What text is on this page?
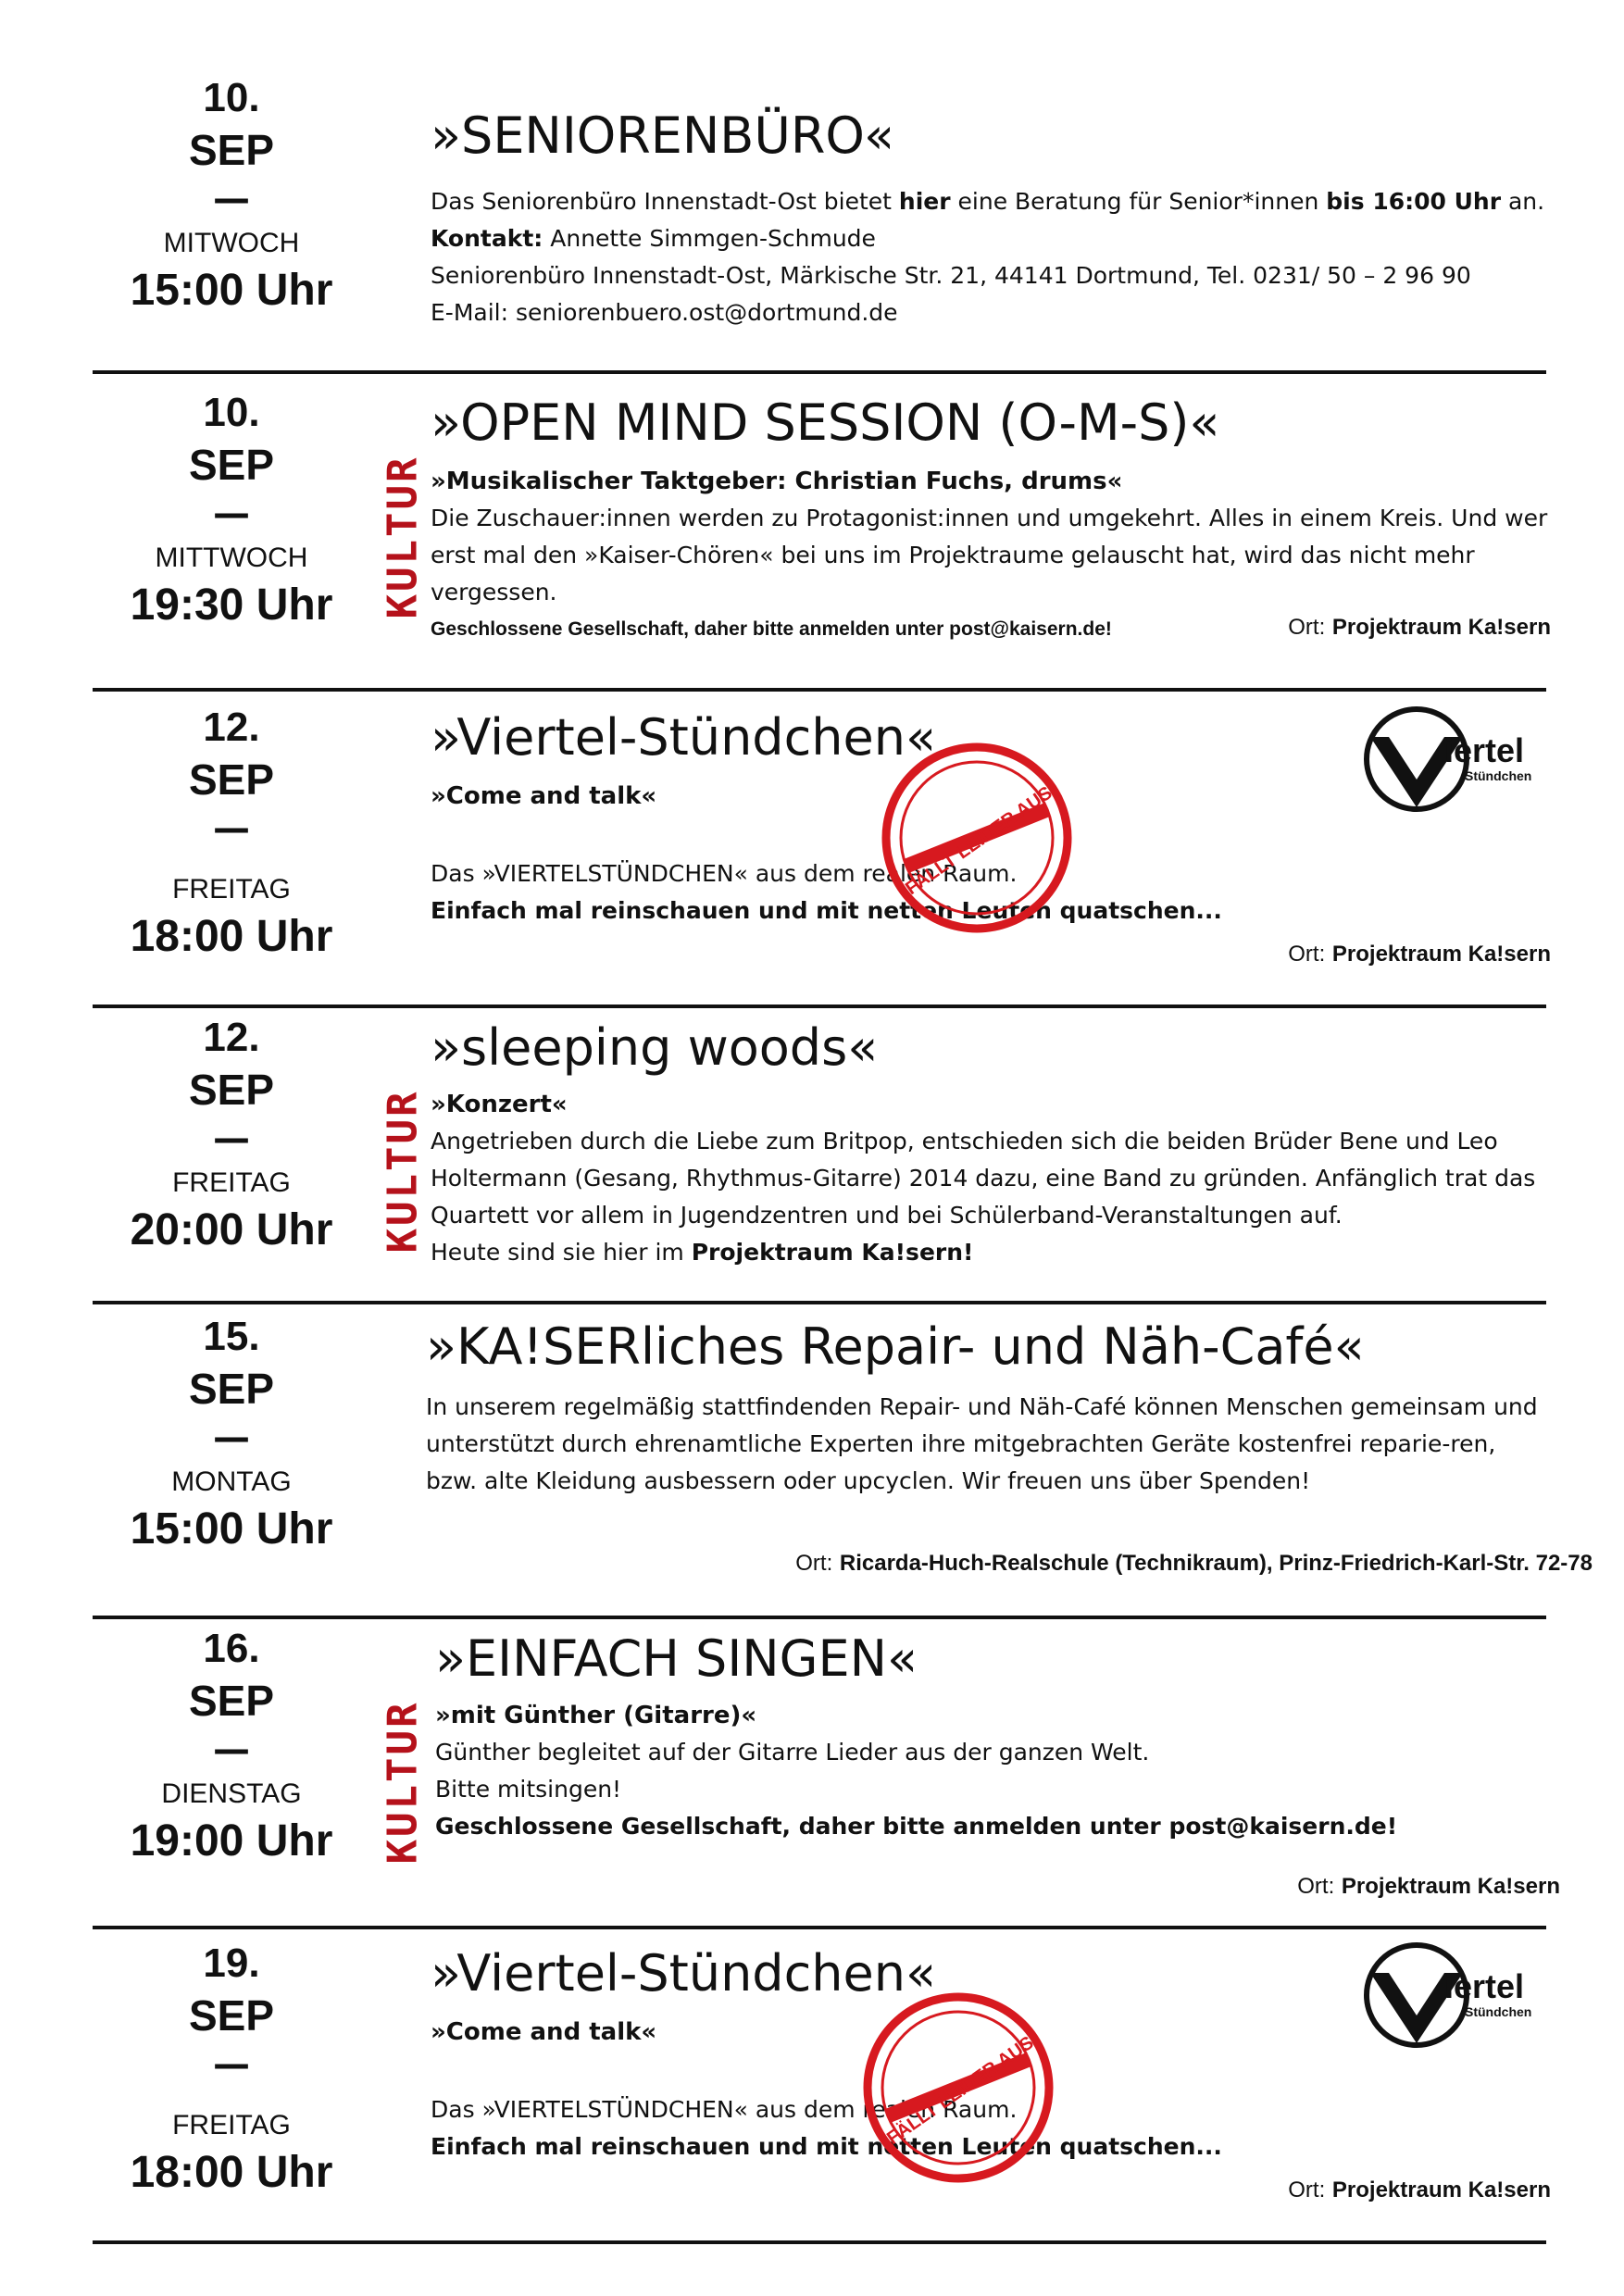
10.
SEP
—
MITWOCH
15:00 Uhr
»SENIORENBÜRO«
Das Seniorenbüro Innenstadt-Ost bietet hier eine Beratung für Senior*innen bis 16:00 Uhr an.
Kontakt: Annette Simmgen-Schmude
Seniorenbüro Innenstadt-Ost, Märkische Str. 21, 44141 Dortmund, Tel. 0231/ 50 – 2 96 90
E-Mail: seniorenbuero.ost@dortmund.de
10.
SEP
—
MITTWOCH
19:30 Uhr	KULTUR
»OPEN MIND SESSION (O-M-S)«
»Musikalischer Taktgeber: Christian Fuchs, drums«
Die Zuschauer:innen werden zu Protagonist:innen und umgekehrt. Alles in einem Kreis. Und wer erst mal den »Kaiser-Chören« bei uns im Projektraume gelauscht hat, wird das nicht mehr vergessen.
Geschlossene Gesellschaft, daher bitte anmelden unter post@kaisern.de!	Ort: Projektraum Ka!sern
12.
SEP
—
FREITAG
18:00 Uhr
»Viertel-Stündchen«
»Come and talk«
Das »VIERTELSTÜNDCHEN« aus dem realen Raum.
Einfach mal reinschauen und mit netten Leuten quatschen...
Ort: Projektraum Ka!sern
FÄLLT LEIDER AUS
iertel
Stündchen
12.
SEP
—
FREITAG
20:00 Uhr	KULTUR
»sleeping woods«
»Konzert«
Angetrieben durch die Liebe zum Britpop, entschieden sich die beiden Brüder Bene und Leo Holtermann (Gesang, Rhythmus-Gitarre) 2014 dazu, eine Band zu gründen. Anfänglich trat das Quartett vor allem in Jugendzentren und bei Schülerband-Veranstaltungen auf.
Heute sind sie hier im Projektraum Ka!sern!
15.
SEP
—
MONTAG
15:00 Uhr
»KA!SERliches Repair- und Näh-Café«
In unserem regelmäßig stattfindenden Repair- und Näh-Café können Menschen gemeinsam und unterstützt durch ehrenamtliche Experten ihre mitgebrachten Geräte kostenfrei reparie-ren, bzw. alte Kleidung ausbessern oder upcyclen. Wir freuen uns über Spenden!
Ort: Ricarda-Huch-Realschule (Technikraum), Prinz-Friedrich-Karl-Str. 72-78
16.
SEP
—
DIENSTAG
19:00 Uhr	KULTUR
»EINFACH SINGEN«
»mit Günther (Gitarre)«
Günther begleitet auf der Gitarre Lieder aus der ganzen Welt.
Bitte mitsingen!
Geschlossene Gesellschaft, daher bitte anmelden unter post@kaisern.de!
Ort: Projektraum Ka!sern
19.
SEP
—
FREITAG
18:00 Uhr
»Viertel-Stündchen«
»Come and talk«
Das »VIERTELSTÜNDCHEN« aus dem realen Raum.
Einfach mal reinschauen und mit netten Leuten quatschen...
Ort: Projektraum Ka!sern
FÄLLT LEIDER AUS
iertel
Stündchen
